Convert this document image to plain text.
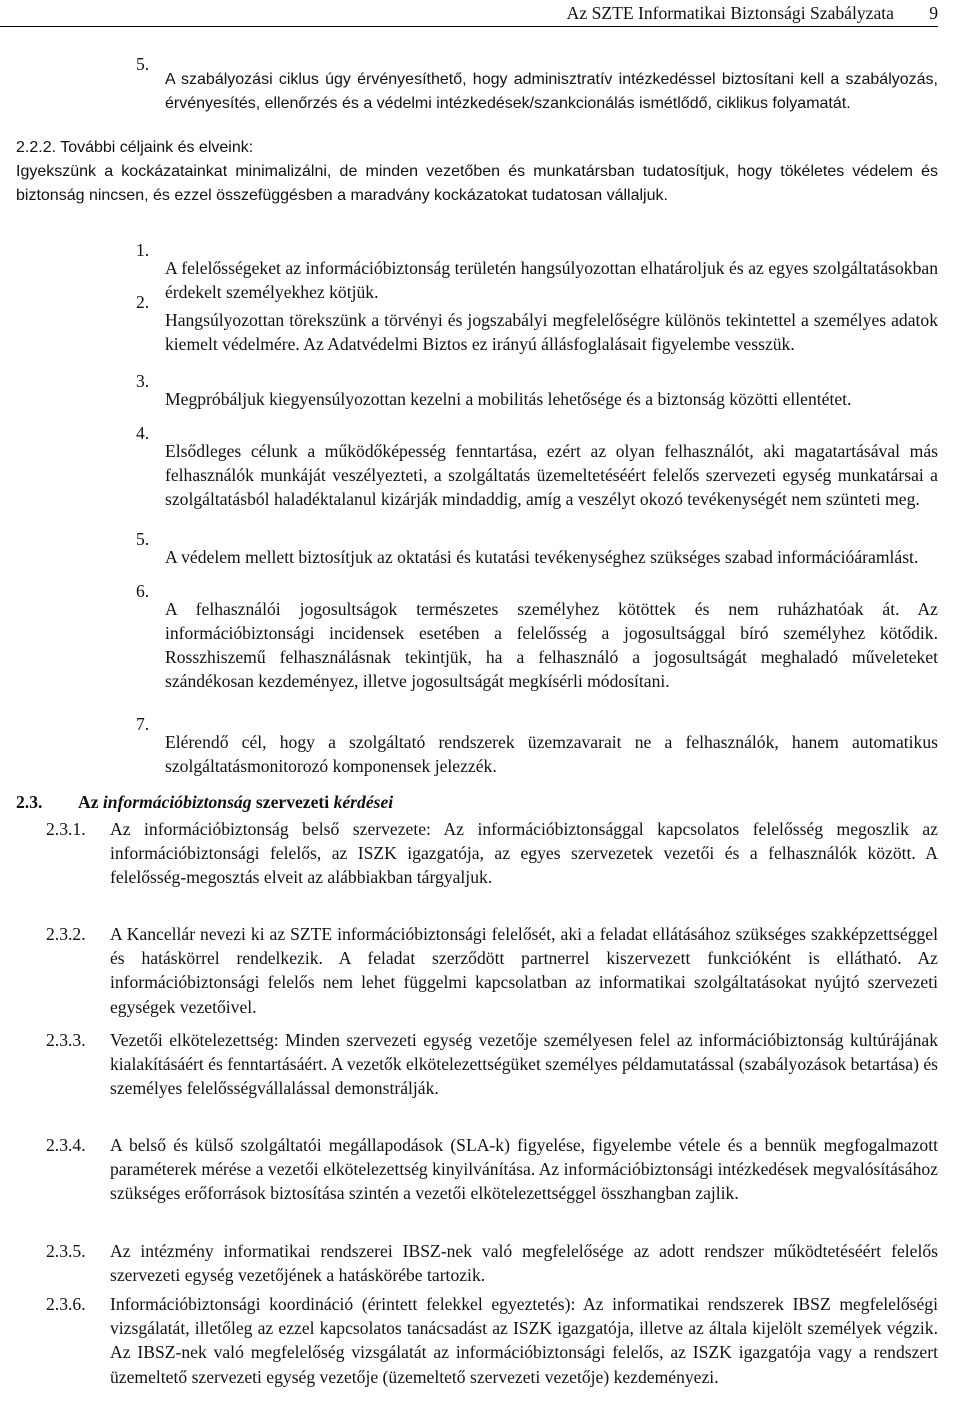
Az SZTE Informatikai Biztonsági Szabályzata 9
5.

A szabályozási ciklus úgy érvényesíthető, hogy adminisztratív intézkedéssel biztosítani kell a szabályozás, érvényesítés, ellenőrzés és a védelmi intézkedések/szankcionálás ismétlődő, ciklikus folyamatát.

2.2.2. További céljaink és elveink:

Igyekszünk a kockázatainkat minimalizálni, de minden vezetőben és munkatársban tudatosítjuk, hogy tökéletes védelem és biztonság nincsen, és ezzel összefüggésben a maradvány kockázatokat tudatosan vállaljuk.

1.

A felelősségeket az információbiztonság területén hangsúlyozottan elhatároljuk és az egyes szolgáltatásokban érdekelt személyekhez kötjük.

2.

Hangsúlyozottan törekszünk a törvényi és jogszabályi megfelelőségre különös tekintettel a személyes adatok kiemelt védelmére. Az Adatvédelmi Biztos ez irányú állásfoglalásait figyelembe vesszük.

3.

Megpróbáljuk kiegyensúlyozottan kezelni a mobilitás lehetősége és a biztonság közötti ellentétet.

4.

Elsődleges célunk a működőképesség fenntartása, ezért az olyan felhasználót, aki magatartásával más felhasználók munkáját veszélyezteti, a szolgáltatás üzemeltetéséért felelős szervezeti egység munkatársai a szolgáltatásból haladéktalanul kizárják mindaddig, amíg a veszélyt okozó tevékenységét nem szünteti meg.

5.

A védelem mellett biztosítjuk az oktatási és kutatási tevékenységhez szükséges szabad információáramlást.

6.

A felhasználói jogosultságok természetes személyhez kötöttek és nem ruházhatóak át. Az információbiztonsági incidensek esetében a felelősség a jogosultsággal bíró személyhez kötődik. Rosszhiszemű felhasználásnak tekintjük, ha a felhasználó a jogosultságát meghaladó műveleteket szándékosan kezdeményez, illetve jogosultságát megkísérli módosítani.

7.

Elérendő cél, hogy a szolgáltató rendszerek üzemzavarait ne a felhasználók, hanem automatikus szolgáltatásmonitorozó komponensek jelezzék.

2.3. Az információbiztonság szervezeti kérdései
2.3.1. Az információbiztonság belső szervezete: Az információbiztonsággal kapcsolatos felelősség megoszlik az információbiztonsági felelős, az ISZK igazgatója, az egyes szervezetek vezetői és a felhasználók között. A felelősség-megosztás elveit az alábbiakban tárgyaljuk.

2.3.2. A Kancellár nevezi ki az SZTE információbiztonsági felelősét, aki a feladat ellátásához szükséges szakképzettséggel és hatáskörrel rendelkezik. A feladat szerződött partnerrel kiszervezett funkcióként is ellátható. Az információbiztonsági felelős nem lehet függelmi kapcsolatban az informatikai szolgáltatásokat nyújtó szervezeti egységek vezetőivel.

2.3.3. Vezetői elkötelezettség: Minden szervezeti egység vezetője személyesen felel az információbiztonság kultúrájának kialakításáért és fenntartásáért. A vezetők elkötelezettségüket személyes példamutatással (szabályozások betartása) és személyes felelősségvállalással demonstrálják.

2.3.4. A belső és külső szolgáltatói megállapodások (SLA-k) figyelése, figyelembe vétele és a bennük megfogalmazott paraméterek mérése a vezetői elkötelezettség kinyilvánítása. Az információbiztonsági intézkedések megvalósításához szükséges erőforrások biztosítása szintén a vezetői elkötelezettséggel összhangban zajlik.

2.3.5. Az intézmény informatikai rendszerei IBSZ-nek való megfelelősége az adott rendszer működtetéséért felelős szervezeti egység vezetőjének a hatáskörébe tartozik.

2.3.6. Információbiztonsági koordináció (érintett felekkel egyeztetés): Az informatikai rendszerek IBSZ megfelelőségi vizsgálatát, illetőleg az ezzel kapcsolatos tanácsadást az ISZK igazgatója, illetve az általa kijelölt személyek végzik. Az IBSZ-nek való megfelelőség vizsgálatát az információbiztonsági felelős, az ISZK igazgatója vagy a rendszert üzemeltető szervezeti egység vezetője (üzemeltető szervezeti vezetője) kezdeményezi.
